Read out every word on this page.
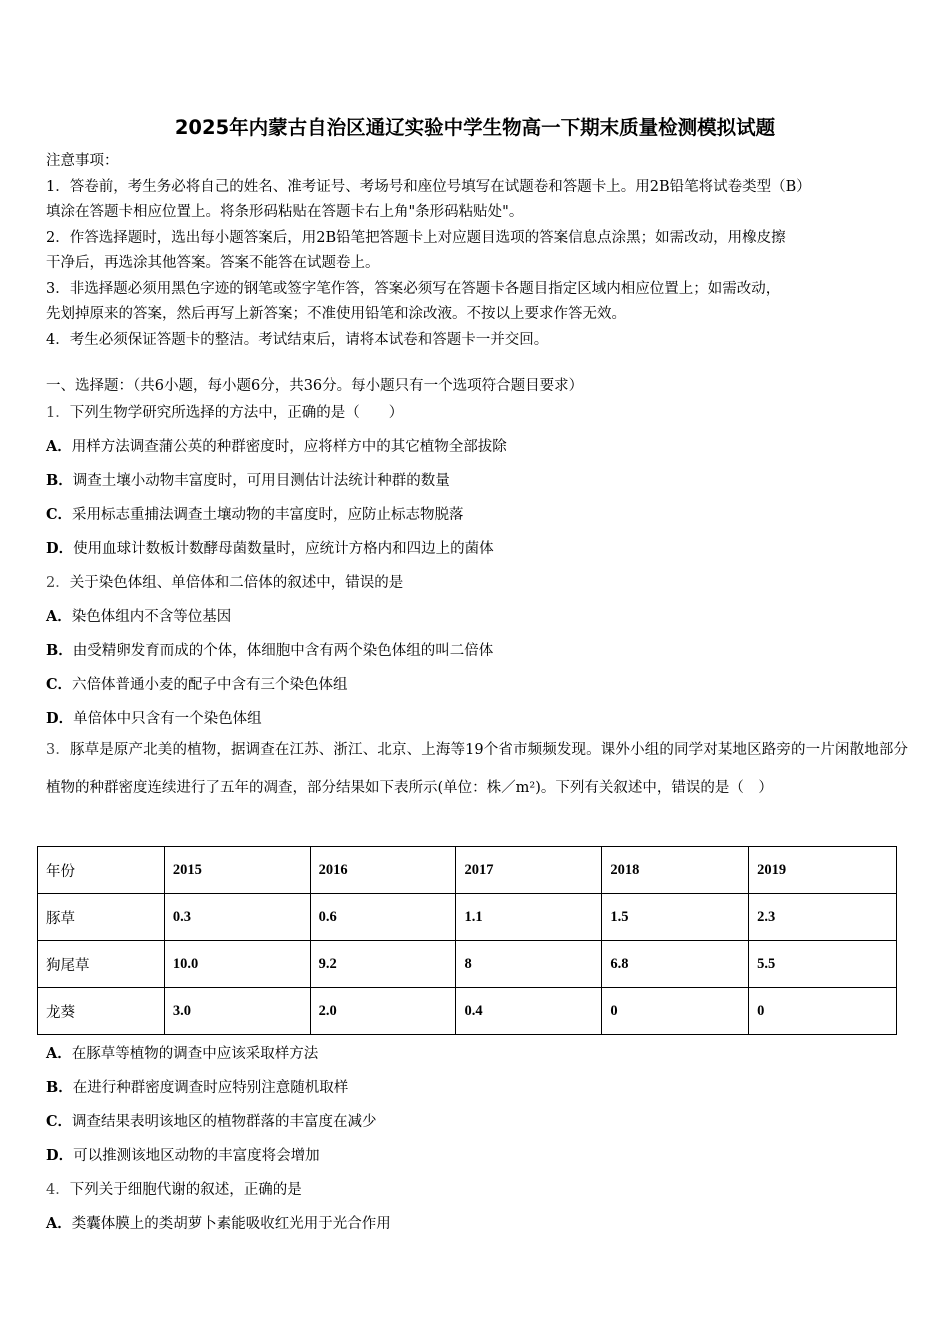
2025年内蒙古自治区通辽实验中学生物高一下期末质量检测模拟试题

注意事项：

1．答卷前，考生务必将自己的姓名、准考证号、考场号和座位号填写在试题卷和答题卡上。用2B铅笔将试卷类型（B）

填涂在答题卡相应位置上。将条形码粘贴在答题卡右上角"条形码粘贴处"。

2．作答选择题时，选出每小题答案后，用2B铅笔把答题卡上对应题目选项的答案信息点涂黑；如需改动，用橡皮擦

干净后，再选涂其他答案。答案不能答在试题卷上。

3．非选择题必须用黑色字迹的钢笔或签字笔作答，答案必须写在答题卡各题目指定区域内相应位置上；如需改动，

先划掉原来的答案，然后再写上新答案；不准使用铅笔和涂改液。不按以上要求作答无效。

4．考生必须保证答题卡的整洁。考试结束后，请将本试卷和答题卡一并交回。

一、选择题：（共6小题，每小题6分，共36分。每小题只有一个选项符合题目要求）
1．下列生物学研究所选择的方法中，正确的是（　　）
A．用样方法调查蒲公英的种群密度时，应将样方中的其它植物全部拔除
B．调查土壤小动物丰富度时，可用目测估计法统计种群的数量
C．采用标志重捕法调查土壤动物的丰富度时，应防止标志物脱落
D．使用血球计数板计数酵母菌数量时，应统计方格内和四边上的菌体
2．关于染色体组、单倍体和二倍体的叙述中，错误的是
A．染色体组内不含等位基因
B．由受精卵发育而成的个体，体细胞中含有两个染色体组的叫二倍体
C．六倍体普通小麦的配子中含有三个染色体组
D．单倍体中只含有一个染色体组
3．豚草是原产北美的植物，据调查在江苏、浙江、北京、上海等19个省市频频发现。课外小组的同学对某地区路旁的一片闲散地部分植物的种群密度连续进行了五年的凋查，部分结果如下表所示(单位：株／m²)。下列有关叙述中，错误的是（　）
年份	2015	2016	2017	2018	2019
豚草	0.3	0.6	1.1	1.5	2.3
狗尾草	10.0	9.2	8	6.8	5.5
龙葵	3.0	2.0	0.4	0	0
A．在豚草等植物的调查中应该采取样方法
B．在进行种群密度调查时应特别注意随机取样
C．调查结果表明该地区的植物群落的丰富度在减少
D．可以推测该地区动物的丰富度将会增加
4．下列关于细胞代谢的叙述，正确的是
A．类囊体膜上的类胡萝卜素能吸收红光用于光合作用
